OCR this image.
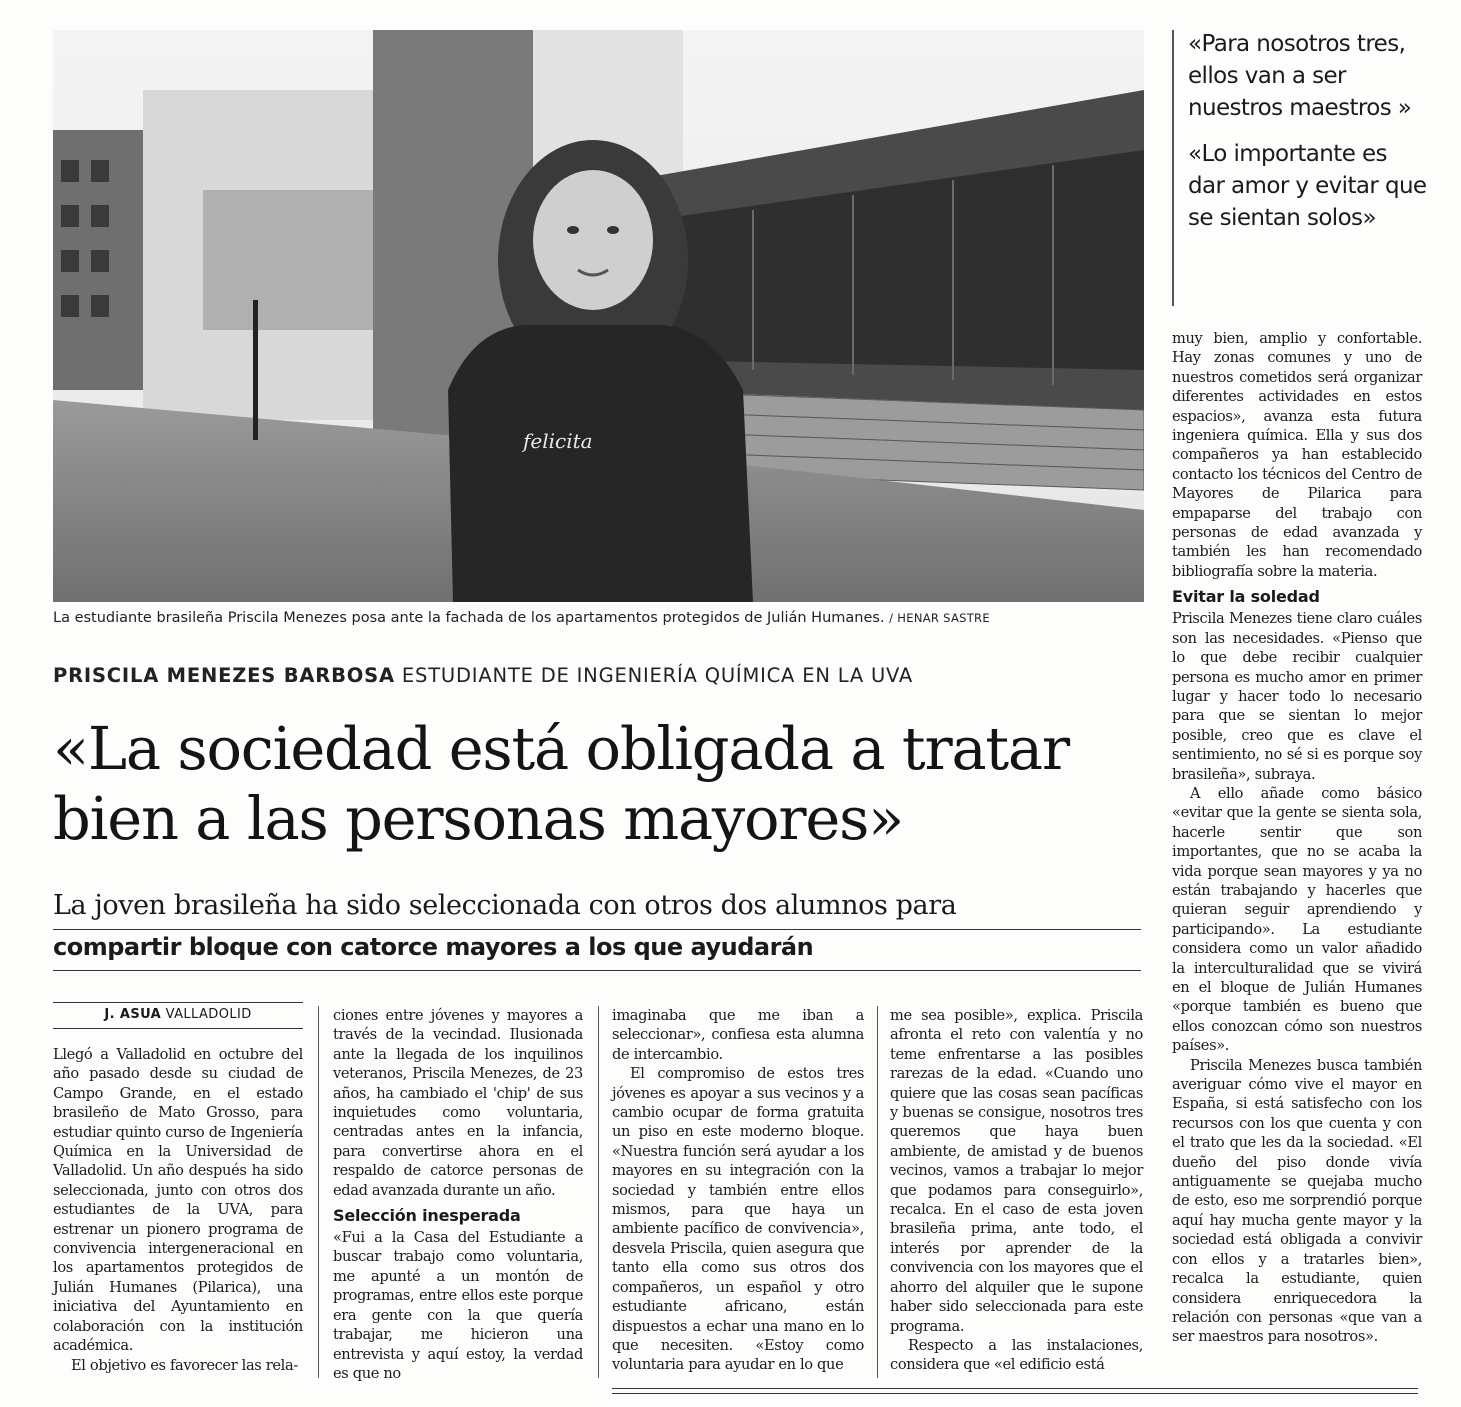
felicita
La estudiante brasileña Priscila Menezes posa ante la fachada de los apartamentos protegidos de Julián Humanes. / HENAR SASTRE
PRISCILA MENEZES BARBOSA ESTUDIANTE DE INGENIERÍA QUÍMICA EN LA UVA
«La sociedad está obligada a tratar
bien a las personas mayores»
La joven brasileña ha sido seleccionada con otros dos alumnos para
compartir bloque con catorce mayores a los que ayudarán
J. ASUA VALLADOLID

Llegó a Valladolid en octubre del año pasado desde su ciudad de Campo Grande, en el estado brasileño de Mato Grosso, para estudiar quinto curso de Ingeniería Química en la Universidad de Valladolid. Un año después ha sido seleccionada, junto con otros dos estudiantes de la UVA, para estrenar un pionero programa de convivencia intergeneracional en los apartamentos protegidos de Julián Humanes (Pilarica), una iniciativa del Ayuntamiento en colaboración con la institución académica.

El objetivo es favorecer las rela-

ciones entre jóvenes y mayores a través de la vecindad. Ilusionada ante la llegada de los inquilinos veteranos, Priscila Menezes, de 23 años, ha cambiado el 'chip' de sus inquietudes como voluntaria, centradas antes en la infancia, para convertirse ahora en el respaldo de catorce personas de edad avanzada durante un año.

Selección inesperada

«Fui a la Casa del Estudiante a buscar trabajo como voluntaria, me apunté a un montón de programas, entre ellos este porque era gente con la que quería trabajar, me hicieron una entrevista y aquí estoy, la verdad es que no

imaginaba que me iban a seleccionar», confiesa esta alumna de intercambio.

El compromiso de estos tres jóvenes es apoyar a sus vecinos y a cambio ocupar de forma gratuita un piso en este moderno bloque. «Nuestra función será ayudar a los mayores en su integración con la sociedad y también entre ellos mismos, para que haya un ambiente pacífico de convivencia», desvela Priscila, quien asegura que tanto ella como sus otros dos compañeros, un español y otro estudiante africano, están dispuestos a echar una mano en lo que necesiten. «Estoy como voluntaria para ayudar en lo que

me sea posible», explica. Priscila afronta el reto con valentía y no teme enfrentarse a las posibles rarezas de la edad. «Cuando uno quiere que las cosas sean pacíficas y buenas se consigue, nosotros tres queremos que haya buen ambiente, de amistad y de buenos vecinos, vamos a trabajar lo mejor que podamos para conseguirlo», recalca. En el caso de esta joven brasileña prima, ante todo, el interés por aprender de la convivencia con los mayores que el ahorro del alquiler que le supone haber sido seleccionada para este programa.

Respecto a las instalaciones, considera que «el edificio está

«Para nosotros tres, ellos van a ser nuestros maestros »
«Lo importante es dar amor y evitar que se sientan solos»

muy bien, amplio y confortable. Hay zonas comunes y uno de nuestros cometidos será organizar diferentes actividades en estos espacios», avanza esta futura ingeniera química. Ella y sus dos compañeros ya han establecido contacto los técnicos del Centro de Mayores de Pilarica para empaparse del trabajo con personas de edad avanzada y también les han recomendado bibliografía sobre la materia.

Evitar la soledad

Priscila Menezes tiene claro cuáles son las necesidades. «Pienso que lo que debe recibir cualquier persona es mucho amor en primer lugar y hacer todo lo necesario para que se sientan lo mejor posible, creo que es clave el sentimiento, no sé si es porque soy brasileña», subraya.

A ello añade como básico «evitar que la gente se sienta sola, hacerle sentir que son importantes, que no se acaba la vida porque sean mayores y ya no están trabajando y hacerles que quieran seguir aprendiendo y participando». La estudiante considera como un valor añadido la interculturalidad que se vivirá en el bloque de Julián Humanes «porque también es bueno que ellos conozcan cómo son nuestros países».

Priscila Menezes busca también averiguar cómo vive el mayor en España, si está satisfecho con los recursos con los que cuenta y con el trato que les da la sociedad. «El dueño del piso donde vivía antiguamente se quejaba mucho de esto, eso me sorprendió porque aquí hay mucha gente mayor y la sociedad está obligada a convivir con ellos y a tratarles bien», recalca la estudiante, quien considera enriquecedora la relación con personas «que van a ser maestros para nosotros».
